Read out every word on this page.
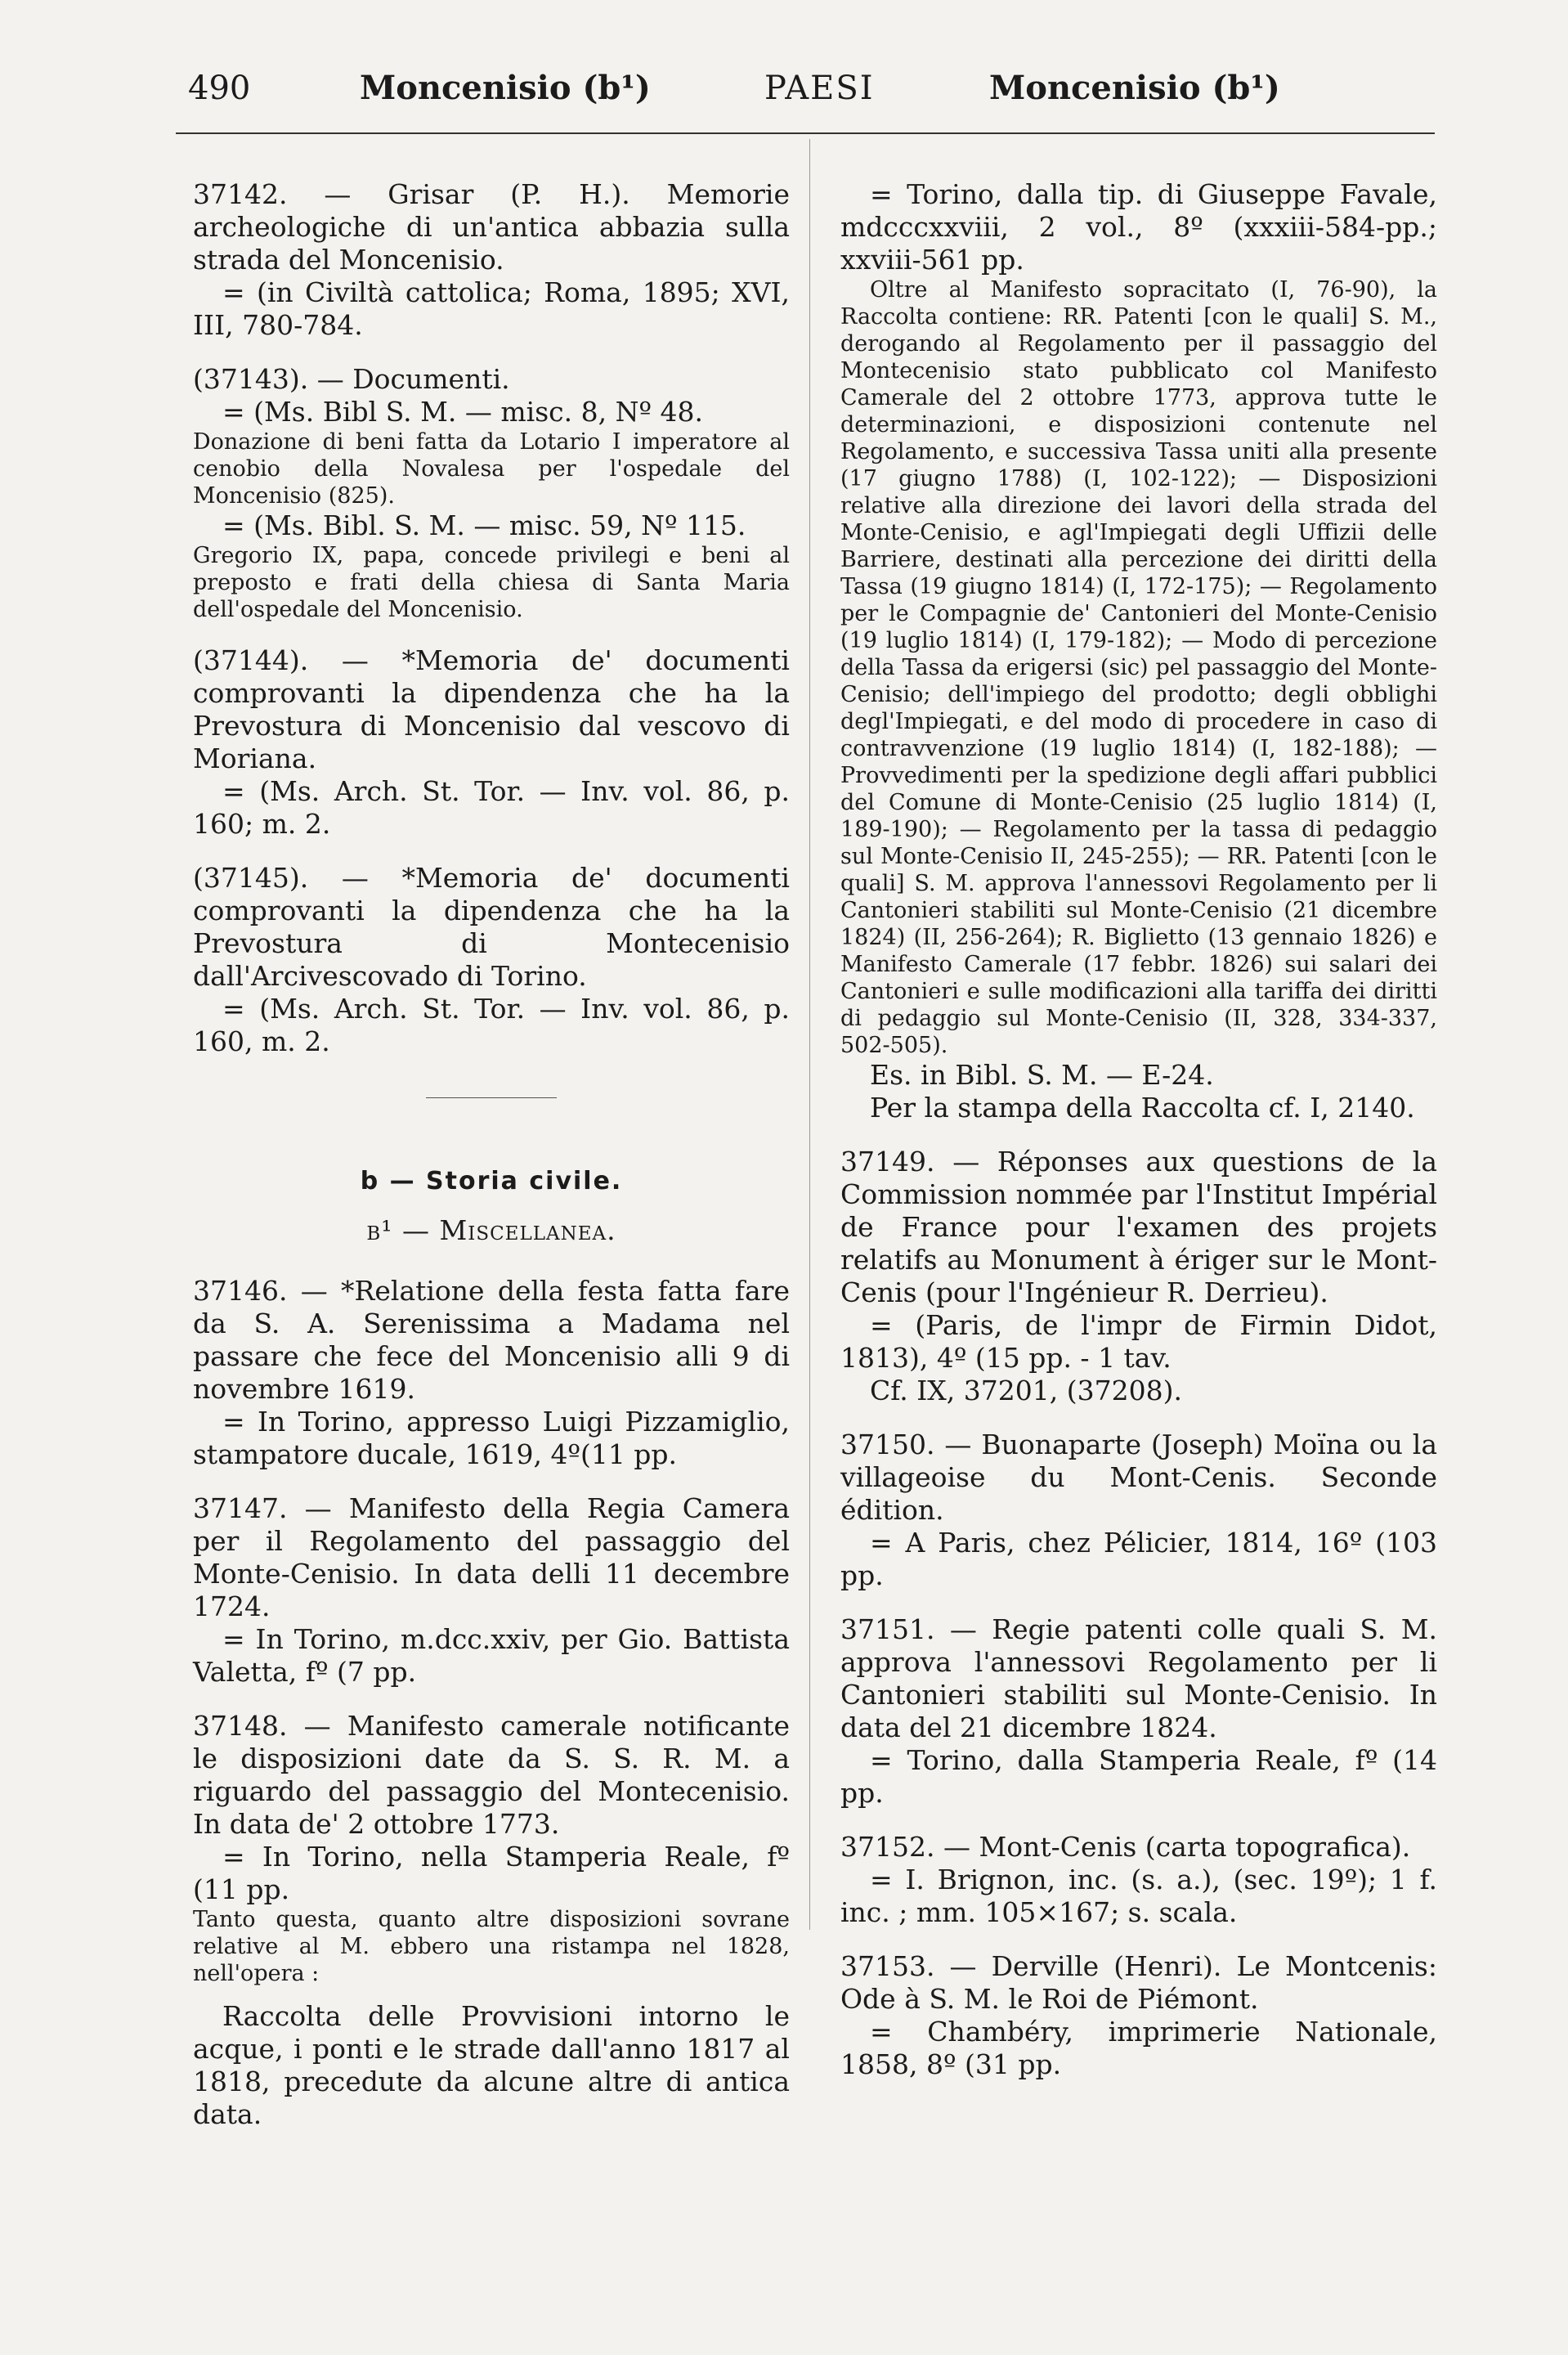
490	Moncenisio (b¹)	PAESI	Moncenisio (b¹)

37142. — Grisar (P. H.). Memorie archeologiche di un'antica abbazia sulla strada del Moncenisio.

= (in Civiltà cattolica; Roma, 1895; XVI, III, 780-784.

(37143). — Documenti.

= (Ms. Bibl S. M. — misc. 8, Nº 48.

Donazione di beni fatta da Lotario I imperatore al cenobio della Novalesa per l'ospedale del Moncenisio (825).

= (Ms. Bibl. S. M. — misc. 59, Nº 115.

Gregorio IX, papa, concede privilegi e beni al preposto e frati della chiesa di Santa Maria dell'ospedale del Moncenisio.

(37144). — *Memoria de' documenti comprovanti la dipendenza che ha la Prevostura di Moncenisio dal vescovo di Moriana.

= (Ms. Arch. St. Tor. — Inv. vol. 86, p. 160; m. 2.

(37145). — *Memoria de' documenti comprovanti la dipendenza che ha la Prevostura di Montecenisio dall'Arcivescovado di Torino.

= (Ms. Arch. St. Tor. — Inv. vol. 86, p. 160, m. 2.

b — Storia civile.
b¹ — Miscellanea.

37146. — *Relatione della festa fatta fare da S. A. Serenissima a Madama nel passare che fece del Moncenisio alli 9 di novembre 1619.

= In Torino, appresso Luigi Pizzamiglio, stampatore ducale, 1619, 4º(11 pp.

37147. — Manifesto della Regia Camera per il Regolamento del passaggio del Monte-Cenisio. In data delli 11 decembre 1724.

= In Torino, m.dcc.xxiv, per Gio. Battista Valetta, fº (7 pp.

37148. — Manifesto camerale notificante le disposizioni date da S. S. R. M. a riguardo del passaggio del Montecenisio. In data de' 2 ottobre 1773.

= In Torino, nella Stamperia Reale, fº (11 pp.

Tanto questa, quanto altre disposizioni sovrane relative al M. ebbero una ristampa nel 1828, nell'opera :

Raccolta delle Provvisioni intorno le acque, i ponti e le strade dall'anno 1817 al 1818, precedute da alcune altre di antica data.

= Torino, dalla tip. di Giuseppe Favale, mdcccxxviii, 2 vol., 8º (xxxiii-584-pp.; xxviii-561 pp.

Oltre al Manifesto sopracitato (I, 76-90), la Raccolta contiene: RR. Patenti [con le quali] S. M., derogando al Regolamento per il passaggio del Montecenisio stato pubblicato col Manifesto Camerale del 2 ottobre 1773, approva tutte le determinazioni, e disposizioni contenute nel Regolamento, e successiva Tassa uniti alla presente (17 giugno 1788) (I, 102-122); — Disposizioni relative alla direzione dei lavori della strada del Monte-Cenisio, e agl'Impiegati degli Uffizii delle Barriere, destinati alla percezione dei diritti della Tassa (19 giugno 1814) (I, 172-175); — Regolamento per le Compagnie de' Cantonieri del Monte-Cenisio (19 luglio 1814) (I, 179-182); — Modo di percezione della Tassa da erigersi (sic) pel passaggio del Monte-Cenisio; dell'impiego del prodotto; degli obblighi degl'Impiegati, e del modo di procedere in caso di contravvenzione (19 luglio 1814) (I, 182-188); — Provvedimenti per la spedizione degli affari pubblici del Comune di Monte-Cenisio (25 luglio 1814) (I, 189-190); — Regolamento per la tassa di pedaggio sul Monte-Cenisio II, 245-255); — RR. Patenti [con le quali] S. M. approva l'annessovi Regolamento per li Cantonieri stabiliti sul Monte-Cenisio (21 dicembre 1824) (II, 256-264); R. Biglietto (13 gennaio 1826) e Manifesto Camerale (17 febbr. 1826) sui salari dei Cantonieri e sulle modificazioni alla tariffa dei diritti di pedaggio sul Monte-Cenisio (II, 328, 334-337, 502-505).

Es. in Bibl. S. M. — E-24.

Per la stampa della Raccolta cf. I, 2140.

37149. — Réponses aux questions de la Commission nommée par l'Institut Impérial de France pour l'examen des projets relatifs au Monument à ériger sur le Mont-Cenis (pour l'Ingénieur R. Derrieu).

= (Paris, de l'impr de Firmin Didot, 1813), 4º (15 pp. - 1 tav.

Cf. IX, 37201, (37208).

37150. — Buonaparte (Joseph) Moïna ou la villageoise du Mont-Cenis. Seconde édition.

= A Paris, chez Pélicier, 1814, 16º (103 pp.

37151. — Regie patenti colle quali S. M. approva l'annessovi Regolamento per li Cantonieri stabiliti sul Monte-Cenisio. In data del 21 dicembre 1824.

= Torino, dalla Stamperia Reale, fº (14 pp.

37152. — Mont-Cenis (carta topografica).

= I. Brignon, inc. (s. a.), (sec. 19º); 1 f. inc. ; mm. 105×167; s. scala.

37153. — Derville (Henri). Le Montcenis: Ode à S. M. le Roi de Piémont.

= Chambéry, imprimerie Nationale, 1858, 8º (31 pp.
